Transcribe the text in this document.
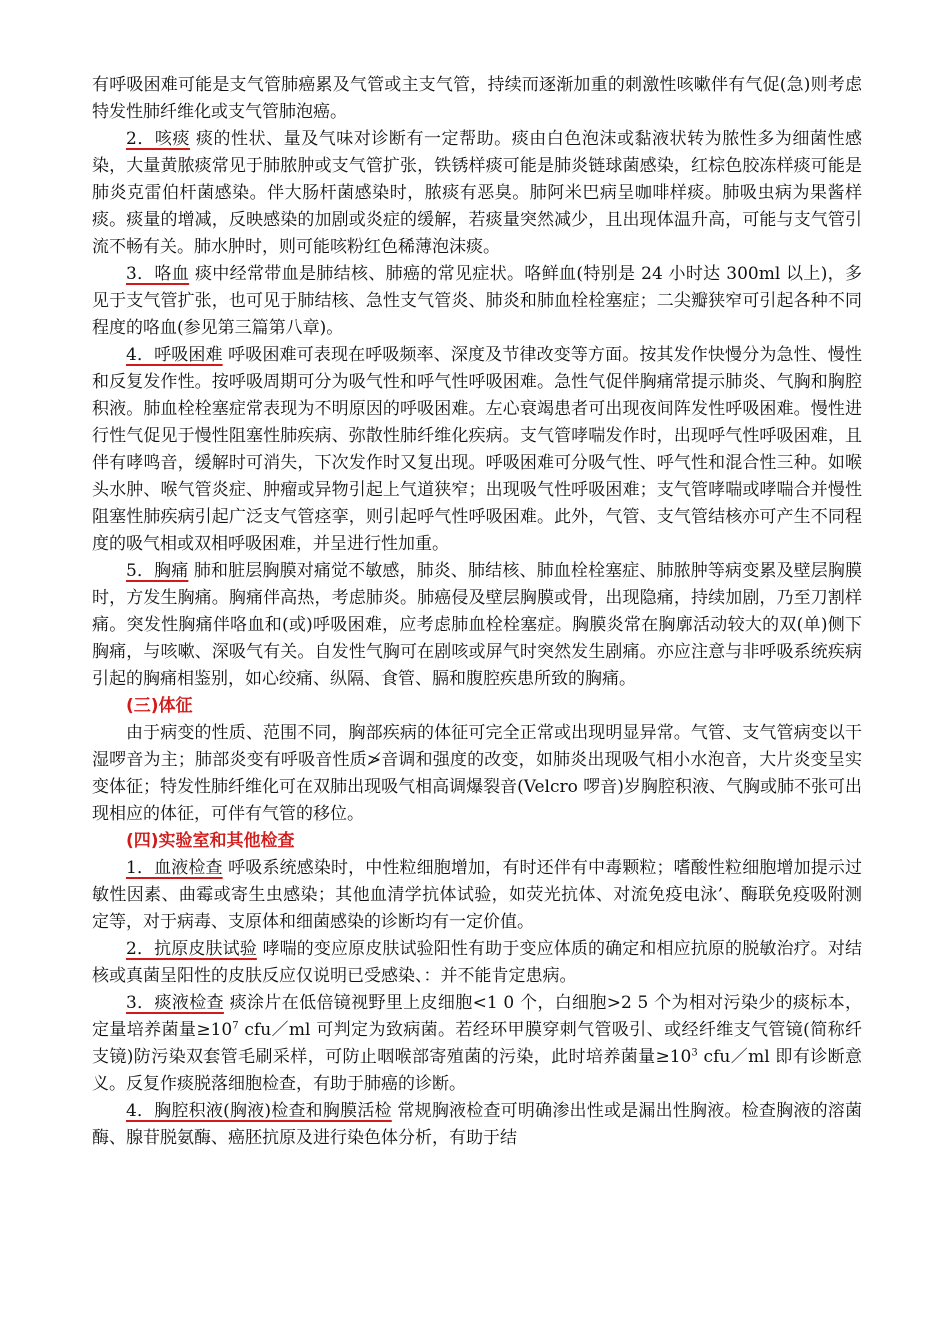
有呼吸困难可能是支气管肺癌累及气管或主支气管，持续而逐渐加重的刺激性咳嗽伴有气促(急)则考虑特发性肺纤维化或支气管肺泡癌。

2．咳痰 痰的性状、量及气味对诊断有一定帮助。痰由白色泡沫或黏液状转为脓性多为细菌性感染，大量黄脓痰常见于肺脓肿或支气管扩张，铁锈样痰可能是肺炎链球菌感染，红棕色胶冻样痰可能是肺炎克雷伯杆菌感染。伴大肠杆菌感染时，脓痰有恶臭。肺阿米巴病呈咖啡样痰。肺吸虫病为果酱样痰。痰量的增减，反映感染的加剧或炎症的缓解，若痰量突然减少，且出现体温升高，可能与支气管引流不畅有关。肺水肿时，则可能咳粉红色稀薄泡沫痰。

3．咯血 痰中经常带血是肺结核、肺癌的常见症状。咯鲜血(特别是 24 小时达 300ml 以上)，多见于支气管扩张，也可见于肺结核、急性支气管炎、肺炎和肺血栓栓塞症；二尖瓣狭窄可引起各种不同程度的咯血(参见第三篇第八章)。

4．呼吸困难 呼吸困难可表现在呼吸频率、深度及节律改变等方面。按其发作快慢分为急性、慢性和反复发作性。按呼吸周期可分为吸气性和呼气性呼吸困难。急性气促伴胸痛常提示肺炎、气胸和胸腔积液。肺血栓栓塞症常表现为不明原因的呼吸困难。左心衰竭患者可出现夜间阵发性呼吸困难。慢性进行性气促见于慢性阻塞性肺疾病、弥散性肺纤维化疾病。支气管哮喘发作时，出现呼气性呼吸困难，且伴有哮鸣音，缓解时可消失，下次发作时又复出现。呼吸困难可分吸气性、呼气性和混合性三种。如喉头水肿、喉气管炎症、肿瘤或异物引起上气道狭窄；出现吸气性呼吸困难；支气管哮喘或哮喘合并慢性阻塞性肺疾病引起广泛支气管痉挛，则引起呼气性呼吸困难。此外，气管、支气管结核亦可产生不同程度的吸气相或双相呼吸困难，并呈进行性加重。

5．胸痛 肺和脏层胸膜对痛觉不敏感，肺炎、肺结核、肺血栓栓塞症、肺脓肿等病变累及壁层胸膜时，方发生胸痛。胸痛伴高热，考虑肺炎。肺癌侵及壁层胸膜或骨，出现隐痛，持续加剧，乃至刀割样痛。突发性胸痛伴咯血和(或)呼吸困难，应考虑肺血栓栓塞症。胸膜炎常在胸廓活动较大的双(单)侧下胸痛，与咳嗽、深吸气有关。自发性气胸可在剧咳或屏气时突然发生剧痛。亦应注意与非呼吸系统疾病引起的胸痛相鉴别，如心绞痛、纵隔、食管、膈和腹腔疾患所致的胸痛。

(三)体征

由于病变的性质、范围不同，胸部疾病的体征可完全正常或出现明显异常。气管、支气管病变以干湿啰音为主；肺部炎变有呼吸音性质≯音调和强度的改变，如肺炎出现吸气相小水泡音，大片炎变呈实变体征；特发性肺纤维化可在双肺出现吸气相高调爆裂音(Velcro 啰音)岁胸腔积液、气胸或肺不张可出现相应的体征，可伴有气管的移位。

(四)实验室和其他检查

1．血液检查 呼吸系统感染时，中性粒细胞增加，有时还伴有中毒颗粒；嗜酸性粒细胞增加提示过敏性因素、曲霉或寄生虫感染；其他血清学抗体试验，如荧光抗体、对流免疫电泳’、酶联免疫吸附测定等，对于病毒、支原体和细菌感染的诊断均有一定价值。

2．抗原皮肤试验 哮喘的变应原皮肤试验阳性有助于变应体质的确定和相应抗原的脱敏治疗。对结核或真菌呈阳性的皮肤反应仅说明已受感染、：并不能肯定患病。

3．痰液检查 痰涂片在低倍镜视野里上皮细胞<1 0 个，白细胞>2 5 个为相对污染少的痰标本，定量培养菌量$\ge 10^7$ cfu／ml 可判定为致病菌。若经环甲膜穿刺气管吸引、或经纤维支气管镜(简称纤支镜)防污染双套管毛刷采样，可防止咽喉部寄殖菌的污染，此时培养菌量$\ge 10^3$ cfu／ml 即有诊断意义。反复作痰脱落细胞检查，有助于肺癌的诊断。

4．胸腔积液(胸液)检查和胸膜活检 常规胸液检查可明确渗出性或是漏出性胸液。检查胸液的溶菌酶、腺苷脱氨酶、癌胚抗原及进行染色体分析，有助于结
